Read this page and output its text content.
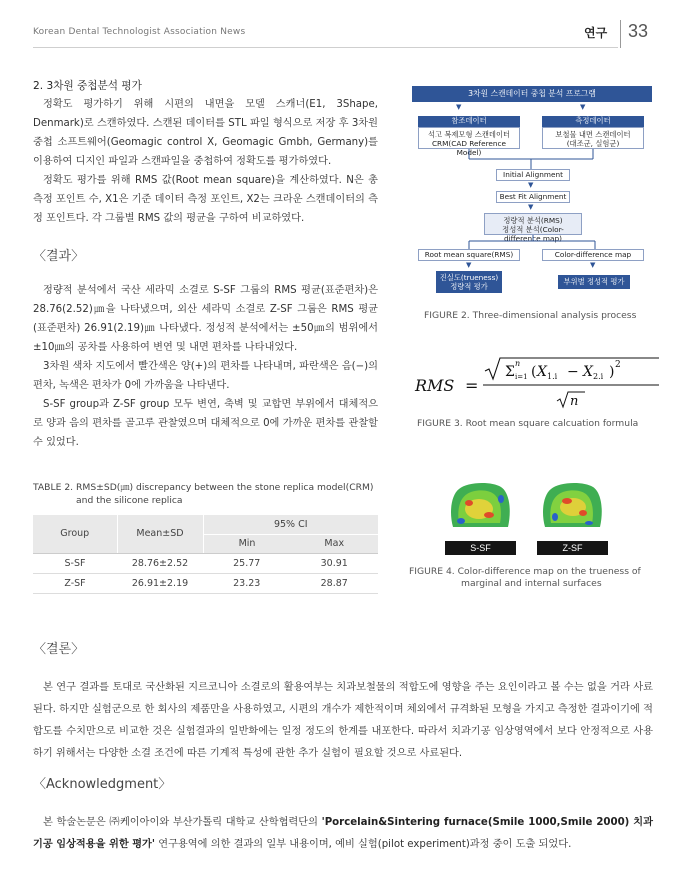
Korean Dental Technologist Association News	연구 33
2. 3차원 중첩분석 평가

정확도 평가하기 위해 시편의 내면을 모델 스캐너(E1, 3Shape, Denmark)로 스캔하였다. 스캔된 데이터를 STL 파일 형식으로 저장 후 3차원 중첩 소프트웨어(Geomagic control X, Geomagic Gmbh, Germany)를 이용하여 디지인 파일과 스캔파일을 중첩하여 정확도를 평가하였다.

정확도 평가를 위해 RMS 값(Root mean square)을 계산하였다. N은 총 측정 포인트 수, X1은 기준 데이터 측정 포인트, X2는 크라운 스캔데이터의 측정 포인트다. 각 그룹별 RMS 값의 평균을 구하여 비교하였다.

〈결과〉

정량적 분석에서 국산 세라믹 소결로 S-SF 그룹의 RMS 평균(표준편차)은 28.76(2.52)㎛을 나타냈으며, 외산 세라믹 소결로 Z-SF 그룹은 RMS 평균(표준편차) 26.91(2.19)㎛ 나타냈다. 정성적 분석에서는 ±50㎛의 범위에서 ±10㎛의 공차를 사용하여 변연 및 내면 편차를 나타내었다.

3차원 색차 지도에서 빨간색은 양(+)의 편차를 나타내며, 파란색은 음(−)의 편차, 녹색은 편차가 0에 가까움을 나타낸다.

S-SF group과 Z-SF group 모두 변연, 축벽 및 교합면 부위에서 대체적으로 양과 음의 편차를 골고루 관찰였으며 대체적으로 0에 가까운 편차를 관찰할 수 있었다.

TABLE 2. RMS±SD(㎛) discrepancy between the stone replica model(CRM)
and the silicone replica
Group	Mean±SD	95% CI	
		Min	Max
S-SF	28.76±2.52	25.77	30.91
Z-SF	26.91±2.19	23.23	28.87
3차원 스캔데이터 중첩 분석 프로그램
▼	▼
참조데이터
석고 복제모형 스캔데이터
CRM(CAD Reference Model)
측정데이터
보철물 내면 스캔데이터
(대조군, 실험군)
Initial Alignment
▼
Best Fit Alignment
▼
정량적 분석(RMS)
정성적 분석(Color-difference map)
Root mean square(RMS)	Color-difference map
▼	▼
진실도(trueness)
정량적 평가
부위별 정성적 평가
FIGURE 2. Three-dimensional analysis process
RMS =
Σ
n
i=1 ( X 1.i − X 2.i ) 2
n
FIGURE 3. Root mean square calcuation formula
S-SF	Z-SF
FIGURE 4. Color-difference map on the trueness of
marginal and internal surfaces
〈결론〉

본 연구 결과를 토대로 국산화된 지르코니아 소결로의 활용여부는 치과보철물의 적합도에 영향을 주는 요인이라고 볼 수는 없을 거라 사료된다. 하지만 실험군으로 한 회사의 제품만을 사용하였고, 시편의 개수가 제한적이며 체외에서 규격화된 모형을 가지고 측정한 결과이기에 적합도를 수치만으로 비교한 것은 실험결과의 일반화에는 일정 정도의 한계를 내포한다. 따라서 치과기공 임상영역에서 보다 안정적으로 사용하기 위해서는 다양한 소결 조건에 따른 기계적 특성에 관한 추가 실험이 필요할 것으로 사료된다.

〈Acknowledgment〉

본 학술논문은 ㈜케이아이와 부산가톨릭 대학교 산학협력단의 'Porcelain&Sintering furnace(Smile 1000,Smile 2000) 치과기공 임상적용을 위한 평가' 연구용역에 의한 결과의 일부 내용이며, 예비 실험(pilot experiment)과정 중이 도출 되었다.
